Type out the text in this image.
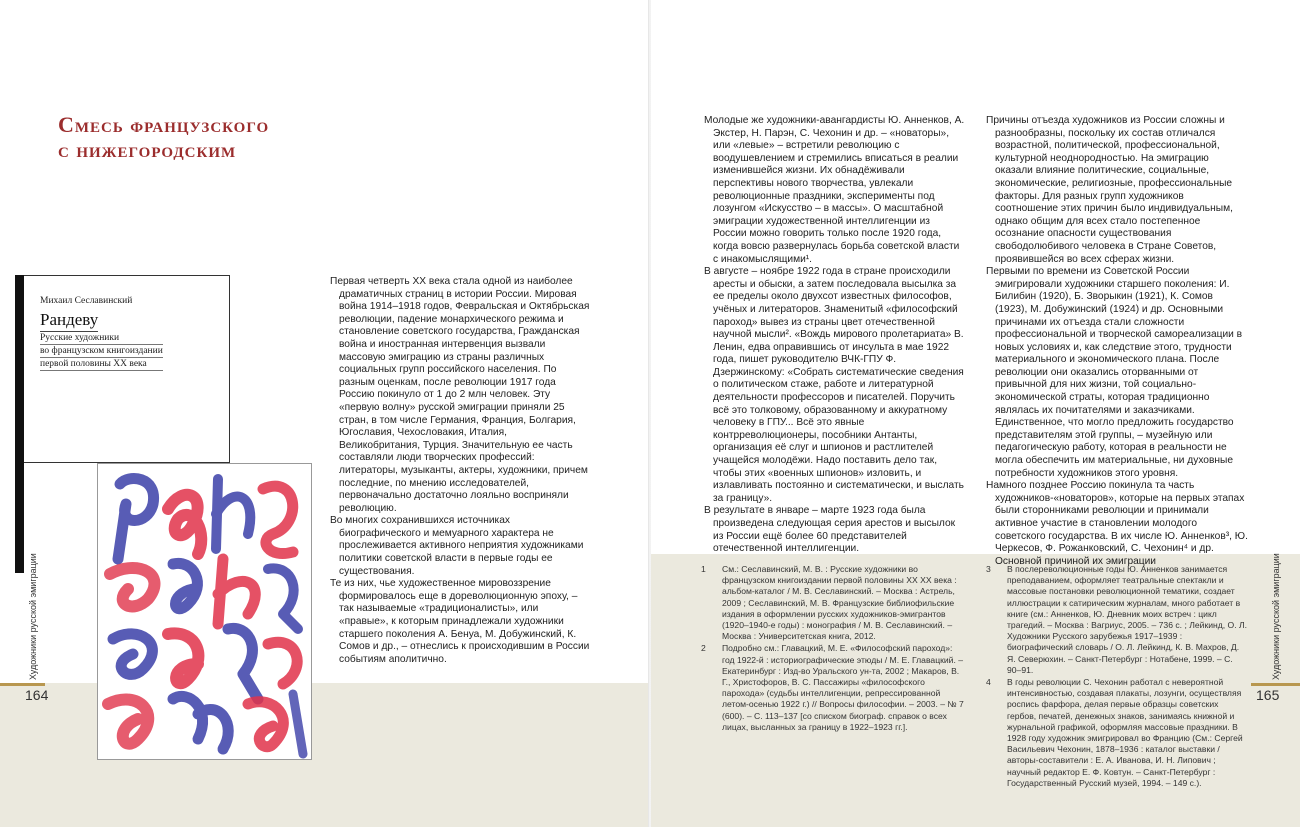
Смесь французского
с нижегородским
Михаил Сеславинский
Рандеву
Русские художники
во французском книгоиздании
первой половины XX века

Первая четверть XX века стала одной из наиболее драматичных страниц в истории России. Мировая война 1914–1918 годов, Февральская и Октябрьская революции, падение монархического режима и становление советского государства, Гражданская война и иностранная интервенция вызвали массовую эмиграцию из страны различных социальных групп российского населения. По разным оценкам, после революции 1917 года Россию покинуло от 1 до 2 млн человек. Эту «первую волну» русской эмиграции приняли 25 стран, в том числе Германия, Франция, Болгария, Югославия, Чехословакия, Италия, Великобритания, Турция. Значительную ее часть составляли люди творческих профессий: литераторы, музыканты, актеры, художники, причем последние, по мнению исследователей, первоначально достаточно лояльно восприняли революцию.

Во многих сохранившихся источниках биографического и мемуарного характера не прослеживается активного неприятия художниками политики советской власти в первые годы ее существования.

Те из них, чье художественное мировоззрение формировалось еще в дореволюционную эпоху, – так называемые «традиционалисты», или «правые», к которым принадлежали художники старшего поколения А. Бенуа, М. Добужинский, К. Сомов и др., – отнеслись к происходившим в России событиям аполитично.

Художники русской эмиграции
164

Молодые же художники-авангардисты Ю. Анненков, А. Экстер, Н. Парэн, С. Чехонин и др. – «новаторы», или «левые» – встретили революцию с воодушевлением и стремились вписаться в реалии изменившейся жизни. Их обнадёживали перспективы нового творчества, увлекали революционные праздники, эксперименты под лозунгом «Искусство – в массы». О масштабной эмиграции художественной интеллигенции из России можно говорить только после 1920 года, когда вовсю развернулась борьба советской власти с инакомыслящими¹.

В августе – ноябре 1922 года в стране происходили аресты и обыски, а затем последовала высылка за ее пределы около двухсот известных философов, учёных и литераторов. Знаменитый «философский пароход» вывез из страны цвет отечественной научной мысли². «Вождь мирового пролетариата» В. Ленин, едва оправившись от инсульта в мае 1922 года, пишет руководителю ВЧК-ГПУ Ф. Дзержинскому: «Собрать систематические сведения о политическом стаже, работе и литературной деятельности профессоров и писателей. Поручить всё это толковому, образованному и аккуратному человеку в ГПУ... Всё это явные контрреволюционеры, пособники Антанты, организация её слуг и шпионов и растлителей учащейся молодёжи. Надо поставить дело так, чтобы этих «военных шпионов» изловить, и излавливать постоянно и систематически, и выслать за границу».

В результате в январе – марте 1923 года была произведена следующая серия арестов и высылок из России ещё более 60 представителей отечественной интеллигенции.

Причины отъезда художников из России сложны и разнообразны, поскольку их состав отличался возрастной, политической, профессиональной, культурной неоднородностью. На эмиграцию оказали влияние политические, социальные, экономические, религиозные, профессиональные факторы. Для разных групп художников соотношение этих причин было индивидуальным, однако общим для всех стало постепенное осознание опасности существования свободолюбивого человека в Стране Советов, проявившейся во всех сферах жизни.

Первыми по времени из Советской России эмигрировали художники старшего поколения: И. Билибин (1920), Б. Зворыкин (1921), К. Сомов (1923), М. Добужинский (1924) и др. Основными причинами их отъезда стали сложности профессиональной и творческой самореализации в новых условиях и, как следствие этого, трудности материального и экономического плана. После революции они оказались оторванными от привычной для них жизни, той социально-экономической страты, которая традиционно являлась их почитателями и заказчиками. Единственное, что могло предложить государство представителям этой группы, – музейную или педагогическую работу, которая в реальности не могла обеспечить им материальные, ни духовные потребности художников этого уровня.

Намного позднее Россию покинула та часть художников-«новаторов», которые на первых этапах были сторонниками революции и принимали активное участие в становлении молодого советского государства. В их числе Ю. Анненков³, Ю. Черкесов, Ф. Рожанковский, С. Чехонин⁴ и др. Основной причиной их эмиграции

1 См.: Сеславинский, М. В. : Русские художники во французском книгоиздании первой половины XX XX века : альбом-каталог / М. В. Сеславинский. – Москва : Астрель, 2009 ; Сеславинский, М. В. Французские библиофильские издания в оформлении русских художников-эмигрантов (1920–1940-е годы) : монография / М. В. Сеславинский. – Москва : Университетская книга, 2012.
2 Подробно см.: Главацкий, М. Е. «Философский пароход»: год 1922-й : историографические этюды / М. Е. Главацкий. – Екатеринбург : Изд-во Уральского ун-та, 2002 ; Макаров, В. Г., Христофоров, В. С. Пассажиры «философского парохода» (судьбы интеллигенции, репрессированной летом-осенью 1922 г.) // Вопросы философии. – 2003. – № 7 (600). – С. 113–137 [со списком биограф. справок о всех лицах, высланных за границу в 1922–1923 гг.].
3 В послереволюционные годы Ю. Анненков занимается преподаванием, оформляет театральные спектакли и массовые постановки революционной тематики, создает иллюстрации к сатирическим журналам, много работает в книге (см.: Анненков, Ю. Дневник моих встреч : цикл трагедий. – Москва : Вагриус, 2005. – 736 с. ; Лейкинд, О. Л. Художники Русского зарубежья 1917–1939 : биографический словарь / О. Л. Лейкинд, К. В. Махров, Д. Я. Северюхин. – Санкт-Петербург : Нотабене, 1999. – С. 90–91.
4 В годы революции С. Чехонин работал с невероятной интенсивностью, создавая плакаты, лозунги, осуществляя роспись фарфора, делая первые образцы советских гербов, печатей, денежных знаков, занимаясь книжной и журнальной графикой, оформляя массовые праздники. В 1928 году художник эмигрировал во Францию (См.: Сергей Васильевич Чехонин, 1878–1936 : каталог выставки / авторы-составители : Е. А. Иванова, И. Н. Липович ; научный редактор Е. Ф. Ковтун. – Санкт-Петербург : Государственный Русский музей, 1994. – 149 с.).
Художники русской эмиграции
165
